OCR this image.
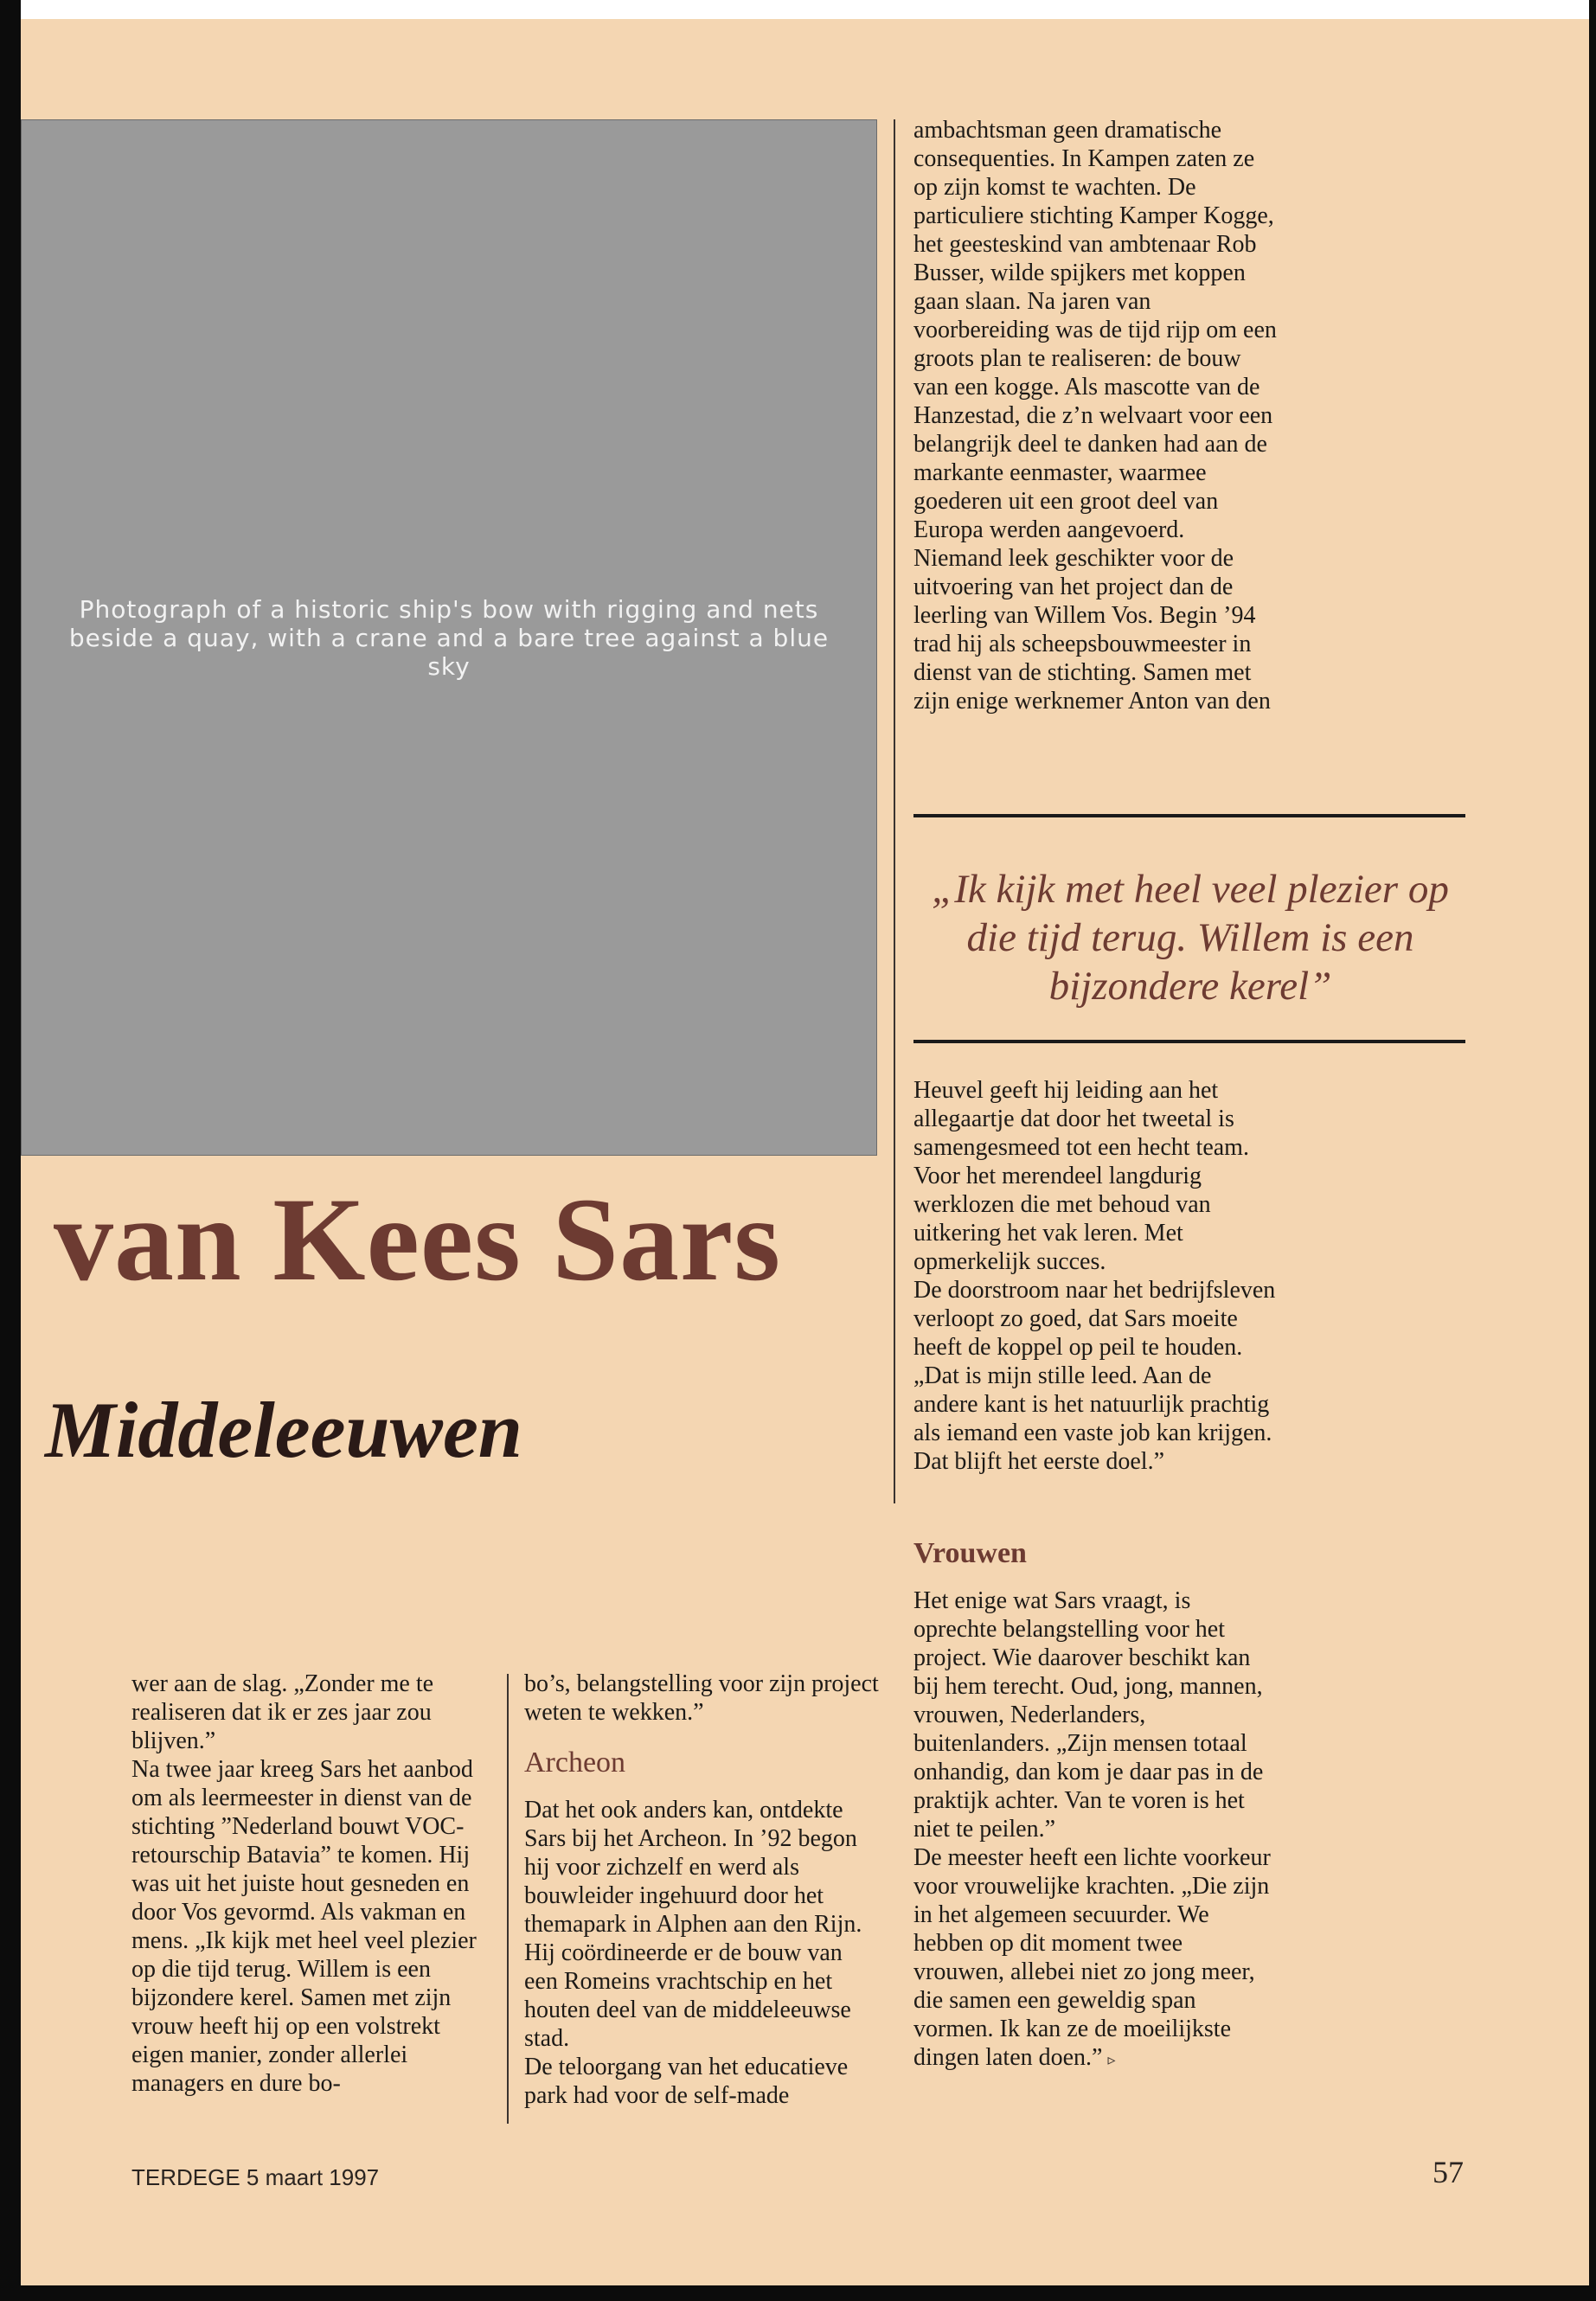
Photograph of a historic ship's bow with rigging and nets beside a quay, with a crane and a bare tree against a blue sky

ambachtsman geen dramatische consequenties. In Kampen zaten ze op zijn komst te wachten. De particuliere stichting Kamper Kogge, het geesteskind van ambtenaar Rob Busser, wilde spijkers met koppen gaan slaan. Na jaren van voorbereiding was de tijd rijp om een groots plan te realiseren: de bouw van een kogge. Als mascotte van de Hanzestad, die z’n welvaart voor een belangrijk deel te danken had aan de markante eenmaster, waarmee goederen uit een groot deel van Europa werden aangevoerd. Niemand leek geschikter voor de uitvoering van het project dan de leerling van Willem Vos. Begin ’94 trad hij als scheepsbouwmeester in dienst van de stichting. Samen met zijn enige werknemer Anton van den

„Ik kijk met heel veel plezier op die tijd terug. Willem is een bijzondere kerel”

Heuvel geeft hij leiding aan het allegaartje dat door het tweetal is samengesmeed tot een hecht team. Voor het merendeel langdurig werklozen die met behoud van uitkering het vak leren. Met opmerkelijk succes.

De doorstroom naar het bedrijfsleven verloopt zo goed, dat Sars moeite heeft de koppel op peil te houden. „Dat is mijn stille leed. Aan de andere kant is het natuurlijk prachtig als iemand een vaste job kan krijgen. Dat blijft het eerste doel.”

van Kees Sars
Middeleeuwen
Vrouwen

Het enige wat Sars vraagt, is oprechte belangstelling voor het project. Wie daarover beschikt kan bij hem terecht. Oud, jong, mannen, vrouwen, Nederlanders, buitenlanders. „Zijn mensen totaal onhandig, dan kom je daar pas in de praktijk achter. Van te voren is het niet te peilen.”

De meester heeft een lichte voorkeur voor vrouwelijke krachten. „Die zijn in het algemeen secuurder. We hebben op dit moment twee vrouwen, allebei niet zo jong meer, die samen een geweldig span vormen. Ik kan ze de moeilijkste dingen laten doen.” ▹

wer aan de slag. „Zonder me te realiseren dat ik er zes jaar zou blijven.”

Na twee jaar kreeg Sars het aanbod om als leermeester in dienst van de stichting ”Nederland bouwt VOC-retourschip Batavia” te komen. Hij was uit het juiste hout gesneden en door Vos gevormd. Als vakman en mens. „Ik kijk met heel veel plezier op die tijd terug. Willem is een bijzondere kerel. Samen met zijn vrouw heeft hij op een volstrekt eigen manier, zonder allerlei managers en dure bo-

bo’s, belangstelling voor zijn project weten te wekken.”

Archeon

Dat het ook anders kan, ontdekte Sars bij het Archeon. In ’92 begon hij voor zichzelf en werd als bouwleider ingehuurd door het themapark in Alphen aan den Rijn. Hij coördineerde er de bouw van een Romeins vrachtschip en het houten deel van de middeleeuwse stad.

De teloorgang van het educatieve park had voor de self-made

TERDEGE 5 maart 1997	57
